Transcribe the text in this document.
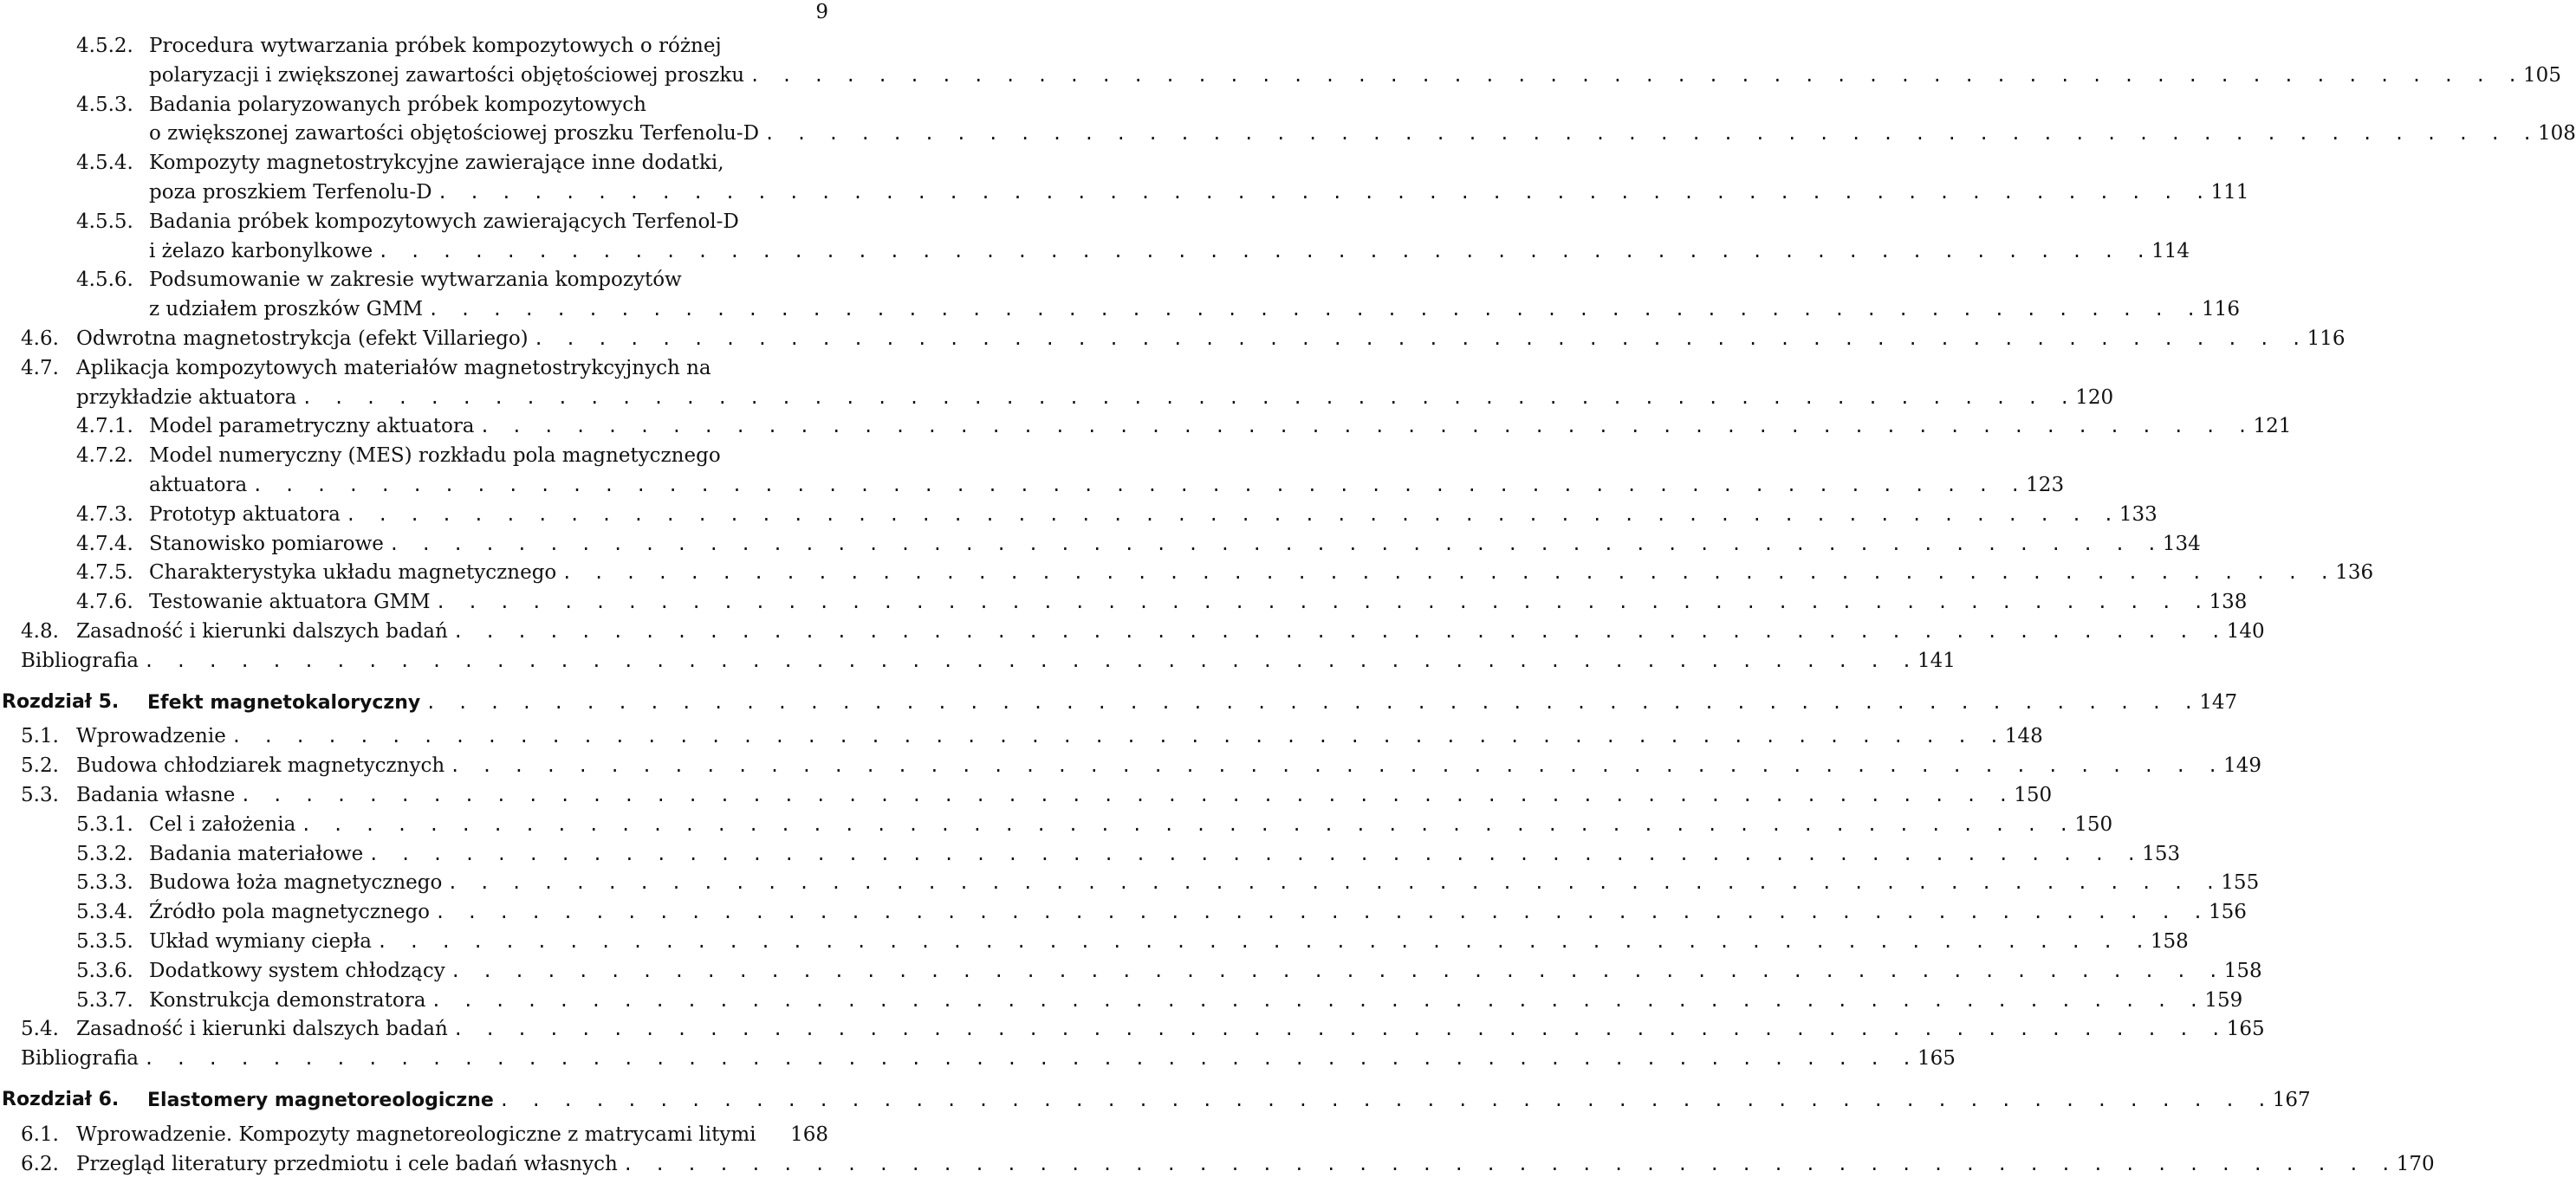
9
4.5.2. Procedura wytwarzania próbek kompozytowych o różnej
polaryzacji i zwiększonej zawartości objętościowej proszku . . . . . . . . . . . . . . . . . . . . . . . . . . . . . . . . . . . . . . . . . . . . . . . . . . . . . . . . 105
4.5.3. Badania polaryzowanych próbek kompozytowych
o zwiększonej zawartości objętościowej proszku Terfenolu-D . . . . . . . . . . . . . . . . . . . . . . . . . . . . . . . . . . . . . . . . . . . . . . . . . . . . . . . . 108
4.5.4. Kompozyty magnetostrykcyjne zawierające inne dodatki,
poza proszkiem Terfenolu-D . . . . . . . . . . . . . . . . . . . . . . . . . . . . . . . . . . . . . . . . . . . . . . . . . . . . . . . . 111
4.5.5. Badania próbek kompozytowych zawierających Terfenol-D
i żelazo karbonylkowe . . . . . . . . . . . . . . . . . . . . . . . . . . . . . . . . . . . . . . . . . . . . . . . . . . . . . . . . 114
4.5.6. Podsumowanie w zakresie wytwarzania kompozytów
z udziałem proszków GMM . . . . . . . . . . . . . . . . . . . . . . . . . . . . . . . . . . . . . . . . . . . . . . . . . . . . . . . . 116
4.6. Odwrotna magnetostrykcja (efekt Villariego) . . . . . . . . . . . . . . . . . . . . . . . . . . . . . . . . . . . . . . . . . . . . . . . . . . . . . . . . 116
4.7. Aplikacja kompozytowych materiałów magnetostrykcyjnych na
przykładzie aktuatora . . . . . . . . . . . . . . . . . . . . . . . . . . . . . . . . . . . . . . . . . . . . . . . . . . . . . . . . 120
4.7.1. Model parametryczny aktuatora . . . . . . . . . . . . . . . . . . . . . . . . . . . . . . . . . . . . . . . . . . . . . . . . . . . . . . . . 121
4.7.2. Model numeryczny (MES) rozkładu pola magnetycznego
aktuatora . . . . . . . . . . . . . . . . . . . . . . . . . . . . . . . . . . . . . . . . . . . . . . . . . . . . . . . . 123
4.7.3. Prototyp aktuatora . . . . . . . . . . . . . . . . . . . . . . . . . . . . . . . . . . . . . . . . . . . . . . . . . . . . . . . . 133
4.7.4. Stanowisko pomiarowe . . . . . . . . . . . . . . . . . . . . . . . . . . . . . . . . . . . . . . . . . . . . . . . . . . . . . . . . 134
4.7.5. Charakterystyka układu magnetycznego . . . . . . . . . . . . . . . . . . . . . . . . . . . . . . . . . . . . . . . . . . . . . . . . . . . . . . . . 136
4.7.6. Testowanie aktuatora GMM . . . . . . . . . . . . . . . . . . . . . . . . . . . . . . . . . . . . . . . . . . . . . . . . . . . . . . . . 138
4.8. Zasadność i kierunki dalszych badań . . . . . . . . . . . . . . . . . . . . . . . . . . . . . . . . . . . . . . . . . . . . . . . . . . . . . . . . 140
Bibliografia . . . . . . . . . . . . . . . . . . . . . . . . . . . . . . . . . . . . . . . . . . . . . . . . . . . . . . . . 141
Rozdział 5. Efekt magnetokaloryczny . . . . . . . . . . . . . . . . . . . . . . . . . . . . . . . . . . . . . . . . . . . . . . . . . . . . . . . . 147
5.1. Wprowadzenie . . . . . . . . . . . . . . . . . . . . . . . . . . . . . . . . . . . . . . . . . . . . . . . . . . . . . . . . 148
5.2. Budowa chłodziarek magnetycznych . . . . . . . . . . . . . . . . . . . . . . . . . . . . . . . . . . . . . . . . . . . . . . . . . . . . . . . . 149
5.3. Badania własne . . . . . . . . . . . . . . . . . . . . . . . . . . . . . . . . . . . . . . . . . . . . . . . . . . . . . . . . 150
5.3.1. Cel i założenia . . . . . . . . . . . . . . . . . . . . . . . . . . . . . . . . . . . . . . . . . . . . . . . . . . . . . . . . 150
5.3.2. Badania materiałowe . . . . . . . . . . . . . . . . . . . . . . . . . . . . . . . . . . . . . . . . . . . . . . . . . . . . . . . . 153
5.3.3. Budowa łoża magnetycznego . . . . . . . . . . . . . . . . . . . . . . . . . . . . . . . . . . . . . . . . . . . . . . . . . . . . . . . . 155
5.3.4. Źródło pola magnetycznego . . . . . . . . . . . . . . . . . . . . . . . . . . . . . . . . . . . . . . . . . . . . . . . . . . . . . . . . 156
5.3.5. Układ wymiany ciepła . . . . . . . . . . . . . . . . . . . . . . . . . . . . . . . . . . . . . . . . . . . . . . . . . . . . . . . . 158
5.3.6. Dodatkowy system chłodzący . . . . . . . . . . . . . . . . . . . . . . . . . . . . . . . . . . . . . . . . . . . . . . . . . . . . . . . . 158
5.3.7. Konstrukcja demonstratora . . . . . . . . . . . . . . . . . . . . . . . . . . . . . . . . . . . . . . . . . . . . . . . . . . . . . . . . 159
5.4. Zasadność i kierunki dalszych badań . . . . . . . . . . . . . . . . . . . . . . . . . . . . . . . . . . . . . . . . . . . . . . . . . . . . . . . . 165
Bibliografia . . . . . . . . . . . . . . . . . . . . . . . . . . . . . . . . . . . . . . . . . . . . . . . . . . . . . . . . 165
Rozdział 6. Elastomery magnetoreologiczne . . . . . . . . . . . . . . . . . . . . . . . . . . . . . . . . . . . . . . . . . . . . . . . . . . . . . . . . 167
6.1. Wprowadzenie. Kompozyty magnetoreologiczne z matrycami litymi 168
6.2. Przegląd literatury przedmiotu i cele badań własnych . . . . . . . . . . . . . . . . . . . . . . . . . . . . . . . . . . . . . . . . . . . . . . . . . . . . . . . . 170
